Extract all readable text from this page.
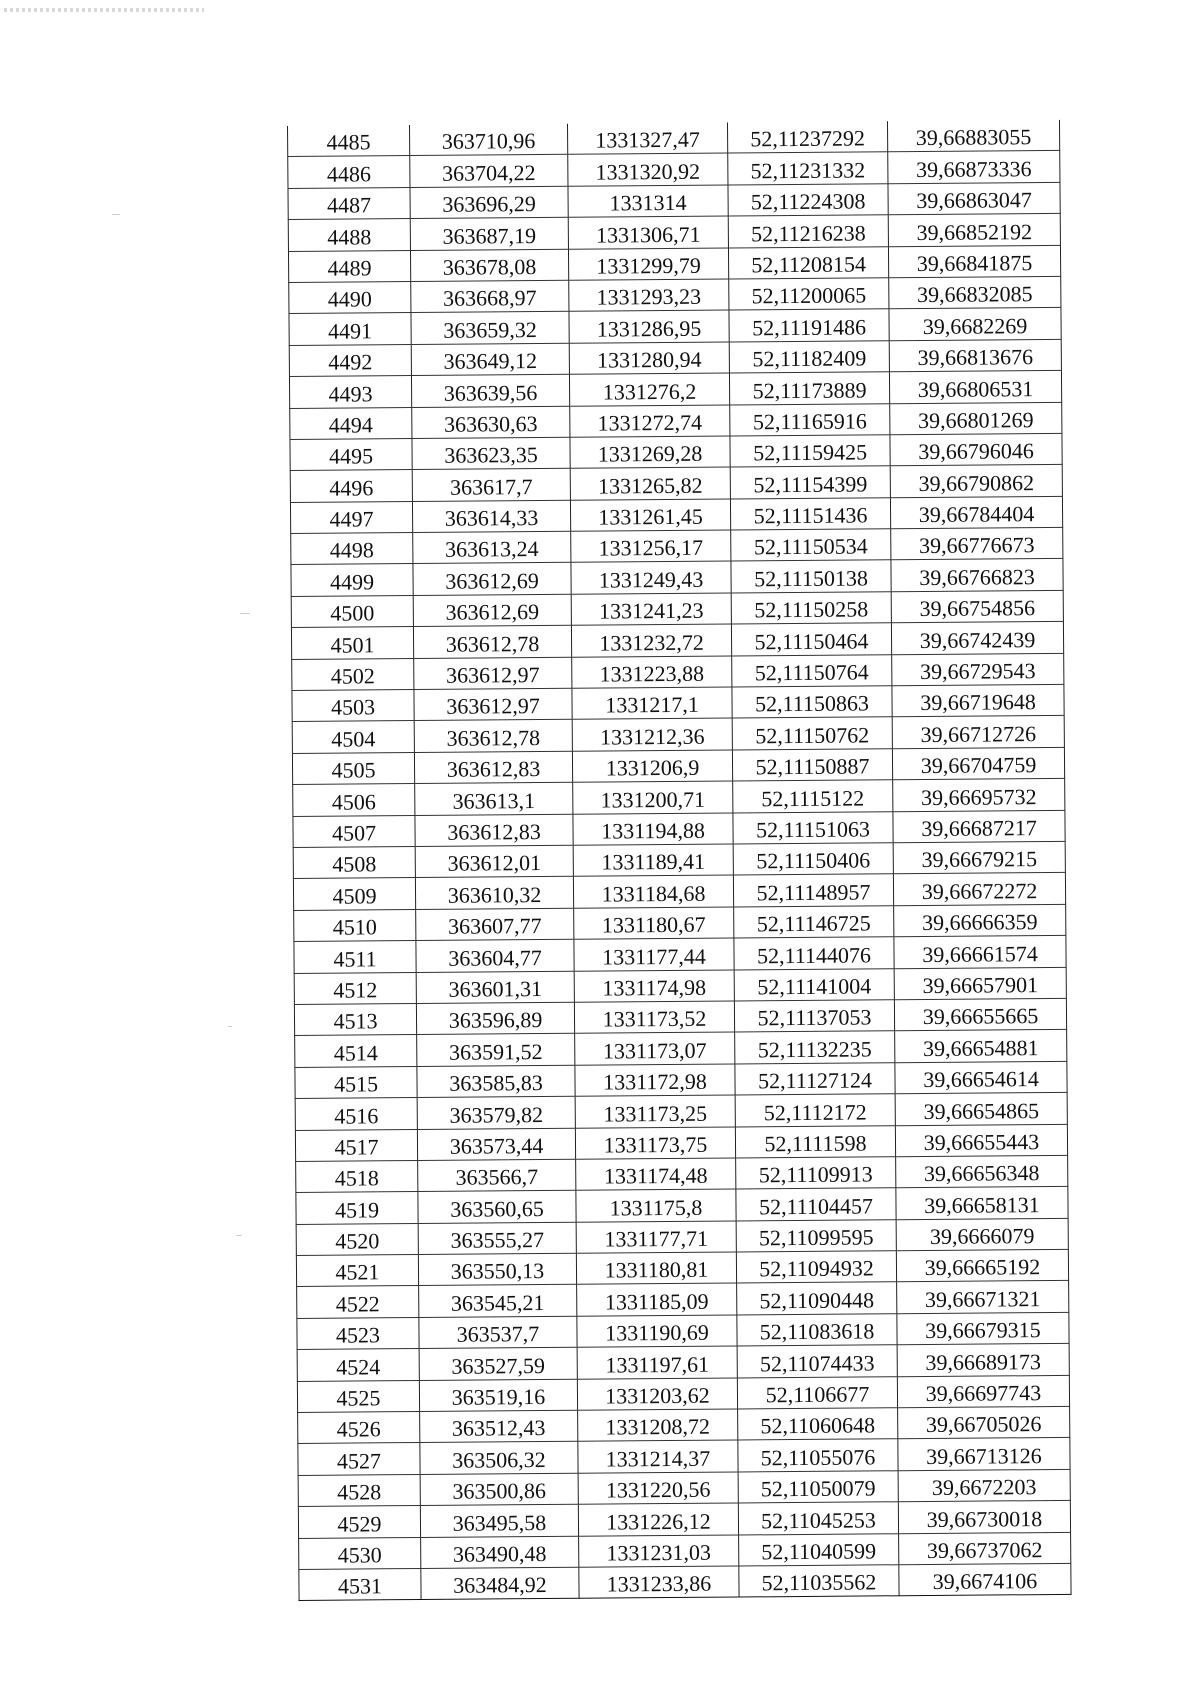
4485	363710,96	1331327,47	52,11237292	39,66883055
4486	363704,22	1331320,92	52,11231332	39,66873336
4487	363696,29	1331314	52,11224308	39,66863047
4488	363687,19	1331306,71	52,11216238	39,66852192
4489	363678,08	1331299,79	52,11208154	39,66841875
4490	363668,97	1331293,23	52,11200065	39,66832085
4491	363659,32	1331286,95	52,11191486	39,6682269
4492	363649,12	1331280,94	52,11182409	39,66813676
4493	363639,56	1331276,2	52,11173889	39,66806531
4494	363630,63	1331272,74	52,11165916	39,66801269
4495	363623,35	1331269,28	52,11159425	39,66796046
4496	363617,7	1331265,82	52,11154399	39,66790862
4497	363614,33	1331261,45	52,11151436	39,66784404
4498	363613,24	1331256,17	52,11150534	39,66776673
4499	363612,69	1331249,43	52,11150138	39,66766823
4500	363612,69	1331241,23	52,11150258	39,66754856
4501	363612,78	1331232,72	52,11150464	39,66742439
4502	363612,97	1331223,88	52,11150764	39,66729543
4503	363612,97	1331217,1	52,11150863	39,66719648
4504	363612,78	1331212,36	52,11150762	39,66712726
4505	363612,83	1331206,9	52,11150887	39,66704759
4506	363613,1	1331200,71	52,1115122	39,66695732
4507	363612,83	1331194,88	52,11151063	39,66687217
4508	363612,01	1331189,41	52,11150406	39,66679215
4509	363610,32	1331184,68	52,11148957	39,66672272
4510	363607,77	1331180,67	52,11146725	39,66666359
4511	363604,77	1331177,44	52,11144076	39,66661574
4512	363601,31	1331174,98	52,11141004	39,66657901
4513	363596,89	1331173,52	52,11137053	39,66655665
4514	363591,52	1331173,07	52,11132235	39,66654881
4515	363585,83	1331172,98	52,11127124	39,66654614
4516	363579,82	1331173,25	52,1112172	39,66654865
4517	363573,44	1331173,75	52,1111598	39,66655443
4518	363566,7	1331174,48	52,11109913	39,66656348
4519	363560,65	1331175,8	52,11104457	39,66658131
4520	363555,27	1331177,71	52,11099595	39,6666079
4521	363550,13	1331180,81	52,11094932	39,66665192
4522	363545,21	1331185,09	52,11090448	39,66671321
4523	363537,7	1331190,69	52,11083618	39,66679315
4524	363527,59	1331197,61	52,11074433	39,66689173
4525	363519,16	1331203,62	52,1106677	39,66697743
4526	363512,43	1331208,72	52,11060648	39,66705026
4527	363506,32	1331214,37	52,11055076	39,66713126
4528	363500,86	1331220,56	52,11050079	39,6672203
4529	363495,58	1331226,12	52,11045253	39,66730018
4530	363490,48	1331231,03	52,11040599	39,66737062
4531	363484,92	1331233,86	52,11035562	39,6674106
